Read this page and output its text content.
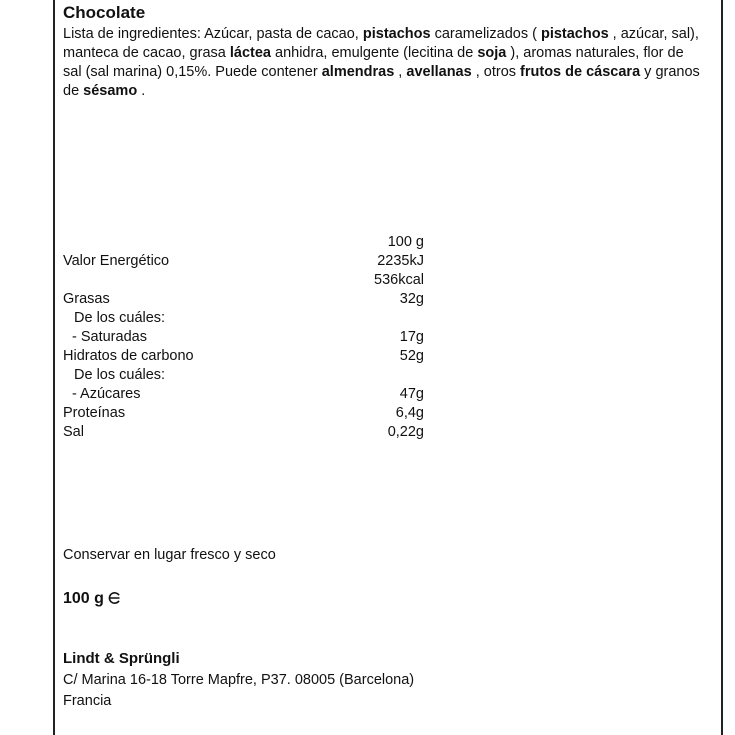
Chocolate
Lista de ingredientes: Azúcar, pasta de cacao, pistachos caramelizados ( pistachos , azúcar, sal), manteca de cacao, grasa láctea anhidra, emulgente (lecitina de soja ), aromas naturales, flor de sal (sal marina) 0,15%. Puede contener almendras , avellanas , otros frutos de cáscara y granos de sésamo .
100 g
Valor Energético	2235kJ
536kcal
Grasas	32g
De los cuáles:
- Saturadas	17g
Hidratos de carbono	52g
De los cuáles:
- Azúcares	47g
Proteínas	6,4g
Sal	0,22g
Conservar en lugar fresco y seco
100 g
Lindt & Sprüngli
C/ Marina 16-18 Torre Mapfre, P37. 08005 (Barcelona)
Francia
